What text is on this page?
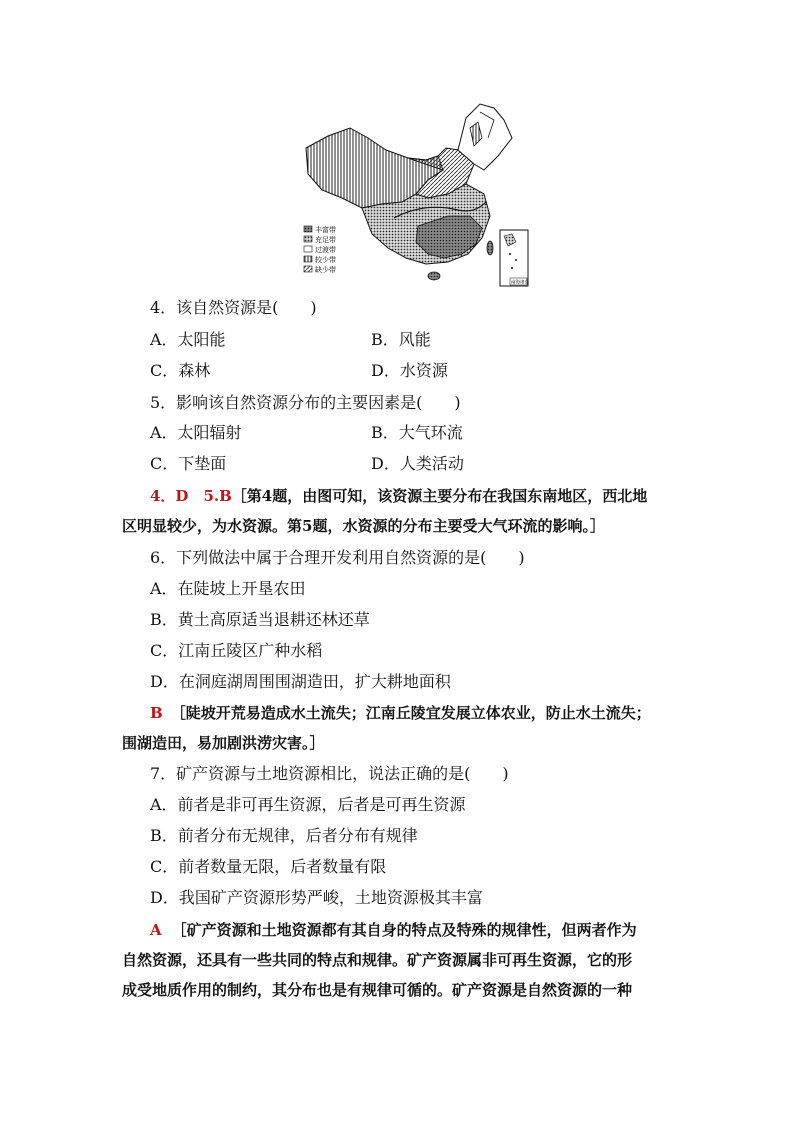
丰富带
充足带
过渡带
较少带
缺少带
南海诸岛
4．该自然资源是(　　)
A．太阳能	B．风能
C．森林	D．水资源
5．影响该自然资源分布的主要因素是(　　)
A．太阳辐射	B．大气环流
C．下垫面	D．人类活动
4．D　5.B［第4题，由图可知，该资源主要分布在我国东南地区，西北地
区明显较少，为水资源。第5题，水资源的分布主要受大气环流的影响。］
6．下列做法中属于合理开发利用自然资源的是(　　)
A．在陡坡上开垦农田
B．黄土高原适当退耕还林还草
C．江南丘陵区广种水稻
D．在洞庭湖周围围湖造田，扩大耕地面积
B ［陡坡开荒易造成水土流失；江南丘陵宜发展立体农业，防止水土流失；
围湖造田，易加剧洪涝灾害。］
7．矿产资源与土地资源相比，说法正确的是(　　)
A．前者是非可再生资源，后者是可再生资源
B．前者分布无规律，后者分布有规律
C．前者数量无限，后者数量有限
D．我国矿产资源形势严峻，土地资源极其丰富
A ［矿产资源和土地资源都有其自身的特点及特殊的规律性，但两者作为
自然资源，还具有一些共同的特点和规律。矿产资源属非可再生资源，它的形
成受地质作用的制约，其分布也是有规律可循的。矿产资源是自然资源的一种
